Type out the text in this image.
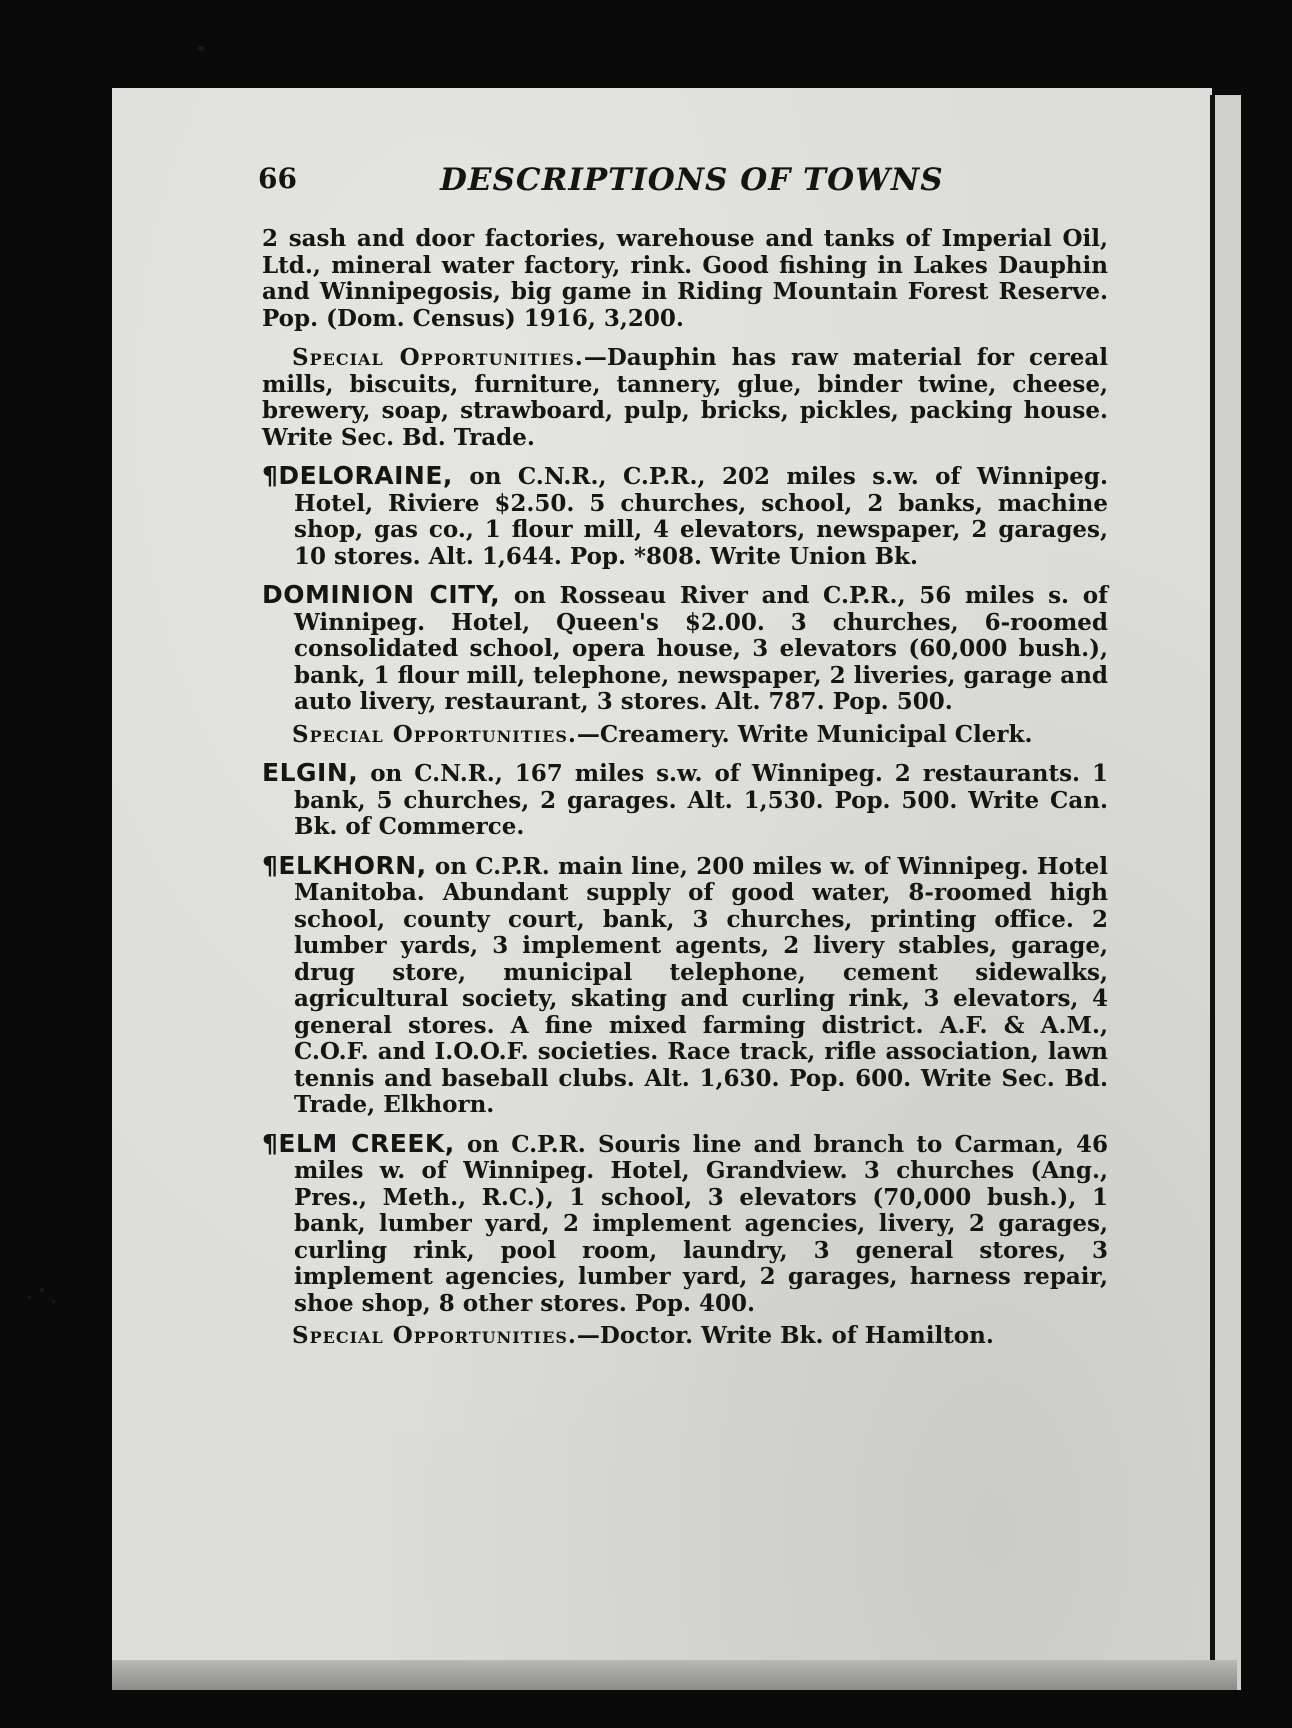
66	DESCRIPTIONS OF TOWNS

2 sash and door factories, warehouse and tanks of Imperial Oil, Ltd., mineral water factory, rink. Good fishing in Lakes Dauphin and Winnipegosis, big game in Riding Mountain Forest Reserve. Pop. (Dom. Census) 1916, 3,200.

Special Opportunities.—Dauphin has raw material for cereal mills, biscuits, furniture, tannery, glue, binder twine, cheese, brewery, soap, strawboard, pulp, bricks, pickles, packing house. Write Sec. Bd. Trade.

¶DELORAINE, on C.N.R., C.P.R., 202 miles s.w. of Winnipeg. Hotel, Riviere $2.50. 5 churches, school, 2 banks, machine shop, gas co., 1 flour mill, 4 elevators, newspaper, 2 garages, 10 stores. Alt. 1,644. Pop. *808. Write Union Bk.

DOMINION CITY, on Rosseau River and C.P.R., 56 miles s. of Winnipeg. Hotel, Queen's $2.00. 3 churches, 6-roomed consolidated school, opera house, 3 elevators (60,000 bush.), bank, 1 flour mill, telephone, newspaper, 2 liveries, garage and auto livery, restaurant, 3 stores. Alt. 787. Pop. 500.

Special Opportunities.—Creamery. Write Municipal Clerk.

ELGIN, on C.N.R., 167 miles s.w. of Winnipeg. 2 restaurants. 1 bank, 5 churches, 2 garages. Alt. 1,530. Pop. 500. Write Can. Bk. of Commerce.

¶ELKHORN, on C.P.R. main line, 200 miles w. of Winnipeg. Hotel Manitoba. Abundant supply of good water, 8-roomed high school, county court, bank, 3 churches, printing office. 2 lumber yards, 3 implement agents, 2 livery stables, garage, drug store, municipal telephone, cement sidewalks, agricultural society, skating and curling rink, 3 elevators, 4 general stores. A fine mixed farming district. A.F. & A.M., C.O.F. and I.O.O.F. societies. Race track, rifle association, lawn tennis and baseball clubs. Alt. 1,630. Pop. 600. Write Sec. Bd. Trade, Elkhorn.

¶ELM CREEK, on C.P.R. Souris line and branch to Carman, 46 miles w. of Winnipeg. Hotel, Grandview. 3 churches (Ang., Pres., Meth., R.C.), 1 school, 3 elevators (70,000 bush.), 1 bank, lumber yard, 2 implement agencies, livery, 2 garages, curling rink, pool room, laundry, 3 general stores, 3 implement agencies, lumber yard, 2 garages, harness repair, shoe shop, 8 other stores. Pop. 400.

Special Opportunities.—Doctor. Write Bk. of Hamilton.
